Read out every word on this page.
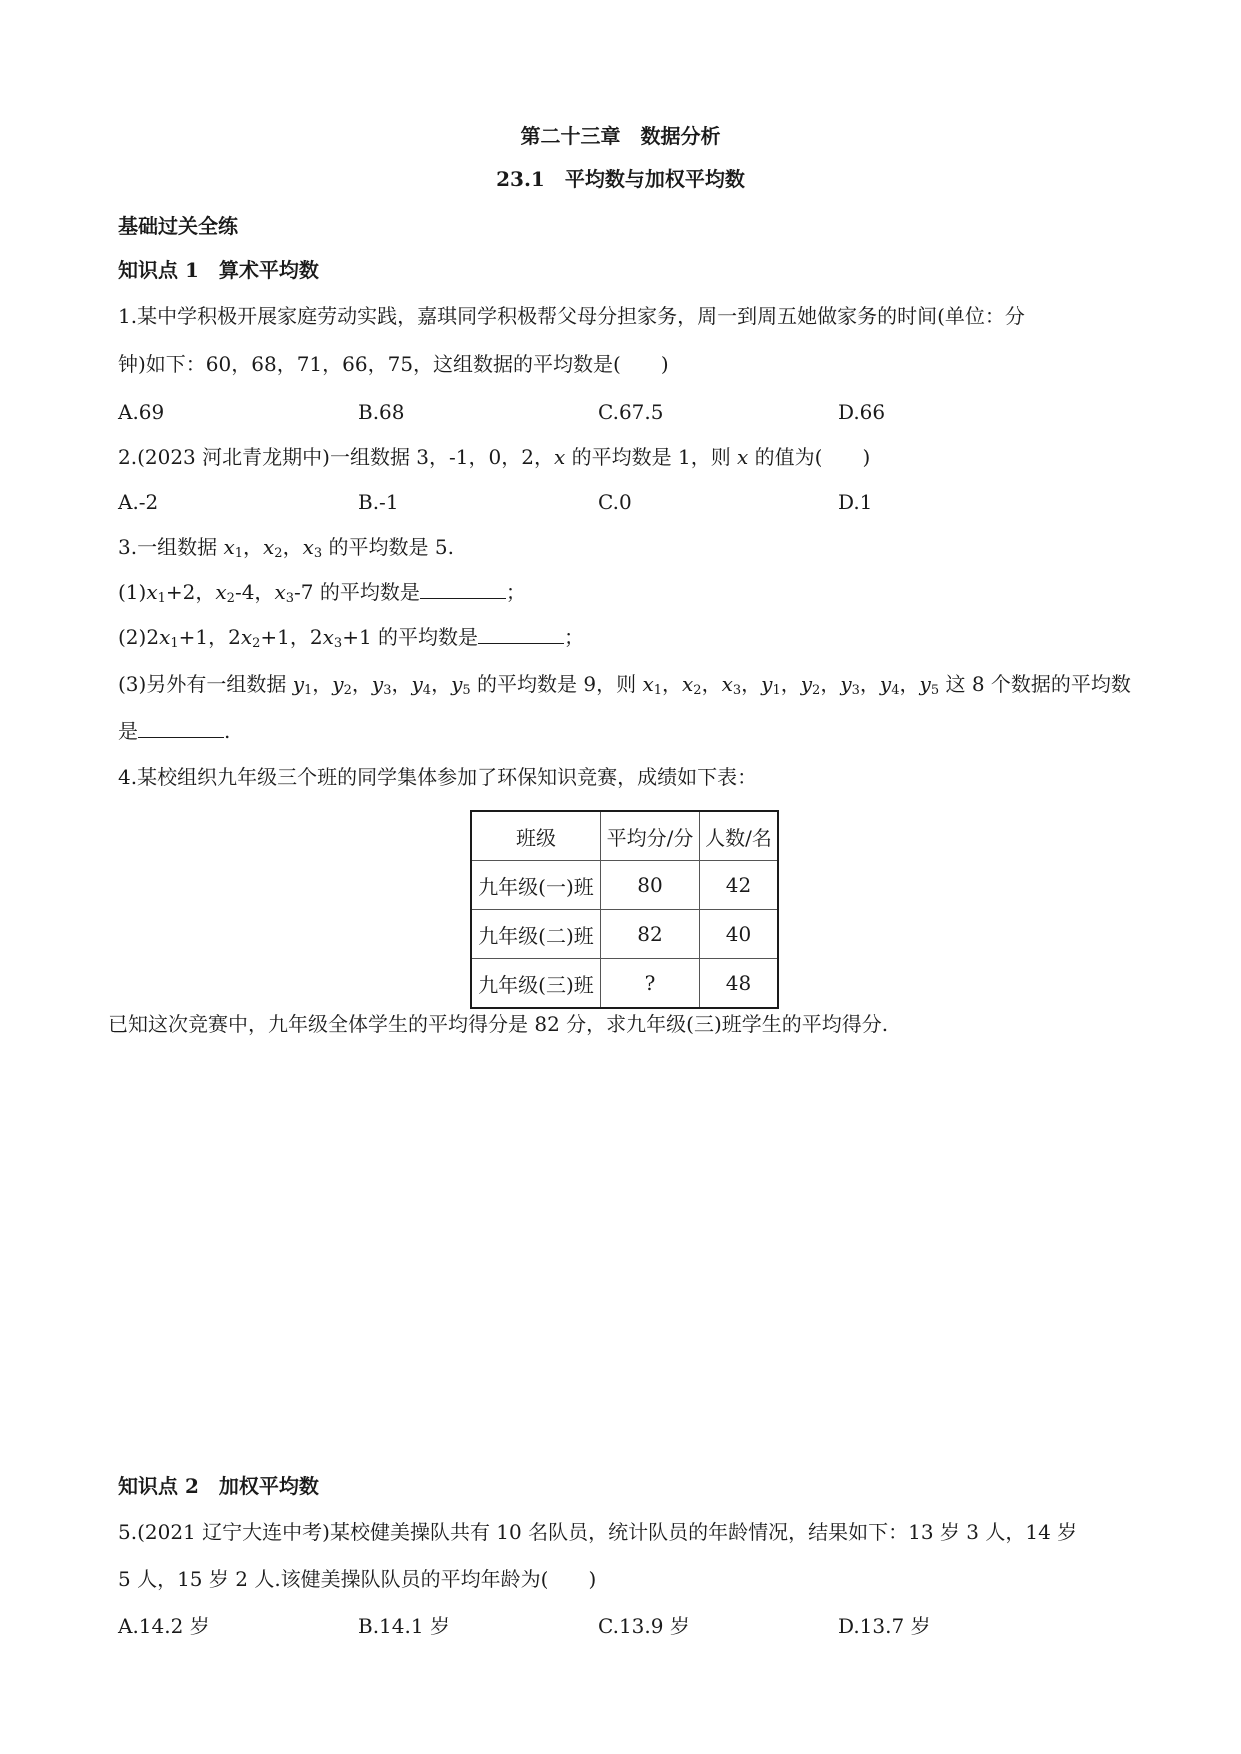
第二十三章　数据分析
23.1　平均数与加权平均数
基础过关全练
知识点 1　算术平均数
1.某中学积极开展家庭劳动实践，嘉琪同学积极帮父母分担家务，周一到周五她做家务的时间(单位：分
钟)如下：60，68，71，66，75，这组数据的平均数是(　　)
A.69	B.68	C.67.5	D.66
2.(2023 河北青龙期中)一组数据 3，-1，0，2，x 的平均数是 1，则 x 的值为(　　)
A.-2	B.-1	C.0	D.1
3.一组数据 $x_1$，$x_2$，$x_3$ 的平均数是 5.
$(1)x_1+2$，$x_2-4$，$x_3-7$ 的平均数是	；
$(2)2x_1+1$，$2x_2+1$，$2x_3+1$ 的平均数是	；
(3)另外有一组数据 $y_1$，$y_2$，$y_3$，$y_4$，$y_5$ 的平均数是 9，则 $x_1$，$x_2$，$x_3$，$y_1$，$y_2$，$y_3$，$y_4$，$y_5$ 这 8 个数据的平均数
是	.
4.某校组织九年级三个班的同学集体参加了环保知识竞赛，成绩如下表：
班级	平均分/分	人数/名
九年级(一)班	80	42
九年级(二)班	82	40
九年级(三)班	?	48
已知这次竞赛中，九年级全体学生的平均得分是 82 分，求九年级(三)班学生的平均得分.
知识点 2　加权平均数
5.(2021 辽宁大连中考)某校健美操队共有 10 名队员，统计队员的年龄情况，结果如下：13 岁 3 人，14 岁
5 人，15 岁 2 人.该健美操队队员的平均年龄为(　　)
A.14.2 岁	B.14.1 岁	C.13.9 岁	D.13.7 岁
